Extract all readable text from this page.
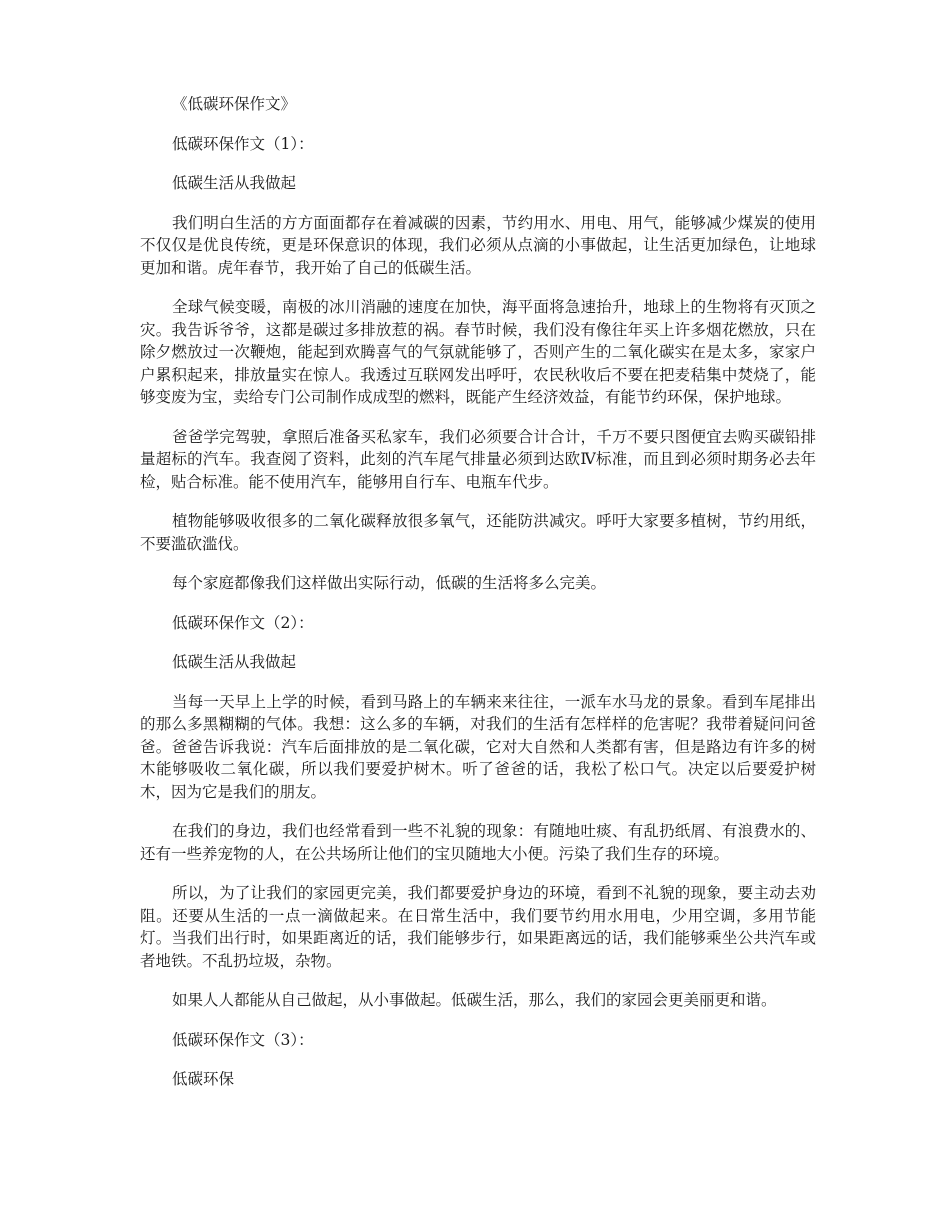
《低碳环保作文》

低碳环保作文（1）：

低碳生活从我做起

我们明白生活的方方面面都存在着减碳的因素，节约用水、用电、用气，能够减少煤炭的使用不仅仅是优良传统，更是环保意识的体现，我们必须从点滴的小事做起，让生活更加绿色，让地球更加和谐。虎年春节，我开始了自己的低碳生活。

全球气候变暖，南极的冰川消融的速度在加快，海平面将急速抬升，地球上的生物将有灭顶之灾。我告诉爷爷，这都是碳过多排放惹的祸。春节时候，我们没有像往年买上许多烟花燃放，只在除夕燃放过一次鞭炮，能起到欢腾喜气的气氛就能够了，否则产生的二氧化碳实在是太多，家家户户累积起来，排放量实在惊人。我透过互联网发出呼吁，农民秋收后不要在把麦秸集中焚烧了，能够变废为宝，卖给专门公司制作成成型的燃料，既能产生经济效益，有能节约环保，保护地球。

爸爸学完驾驶，拿照后准备买私家车，我们必须要合计合计，千万不要只图便宜去购买碳铅排量超标的汽车。我查阅了资料，此刻的汽车尾气排量必须到达欧Ⅳ标准，而且到必须时期务必去年检，贴合标准。能不使用汽车，能够用自行车、电瓶车代步。

植物能够吸收很多的二氧化碳释放很多氧气，还能防洪减灾。呼吁大家要多植树，节约用纸，不要滥砍滥伐。

每个家庭都像我们这样做出实际行动，低碳的生活将多么完美。

低碳环保作文（2）：

低碳生活从我做起

当每一天早上上学的时候，看到马路上的车辆来来往往，一派车水马龙的景象。看到车尾排出的那么多黑糊糊的气体。我想：这么多的车辆，对我们的生活有怎样样的危害呢？我带着疑问问爸爸。爸爸告诉我说：汽车后面排放的是二氧化碳，它对大自然和人类都有害，但是路边有许多的树木能够吸收二氧化碳，所以我们要爱护树木。听了爸爸的话，我松了松口气。决定以后要爱护树木，因为它是我们的朋友。

在我们的身边，我们也经常看到一些不礼貌的现象：有随地吐痰、有乱扔纸屑、有浪费水的、还有一些养宠物的人，在公共场所让他们的宝贝随地大小便。污染了我们生存的环境。

所以，为了让我们的家园更完美，我们都要爱护身边的环境，看到不礼貌的现象，要主动去劝阻。还要从生活的一点一滴做起来。在日常生活中，我们要节约用水用电，少用空调，多用节能灯。当我们出行时，如果距离近的话，我们能够步行，如果距离远的话，我们能够乘坐公共汽车或者地铁。不乱扔垃圾，杂物。

如果人人都能从自己做起，从小事做起。低碳生活，那么，我们的家园会更美丽更和谐。

低碳环保作文（3）：

低碳环保
